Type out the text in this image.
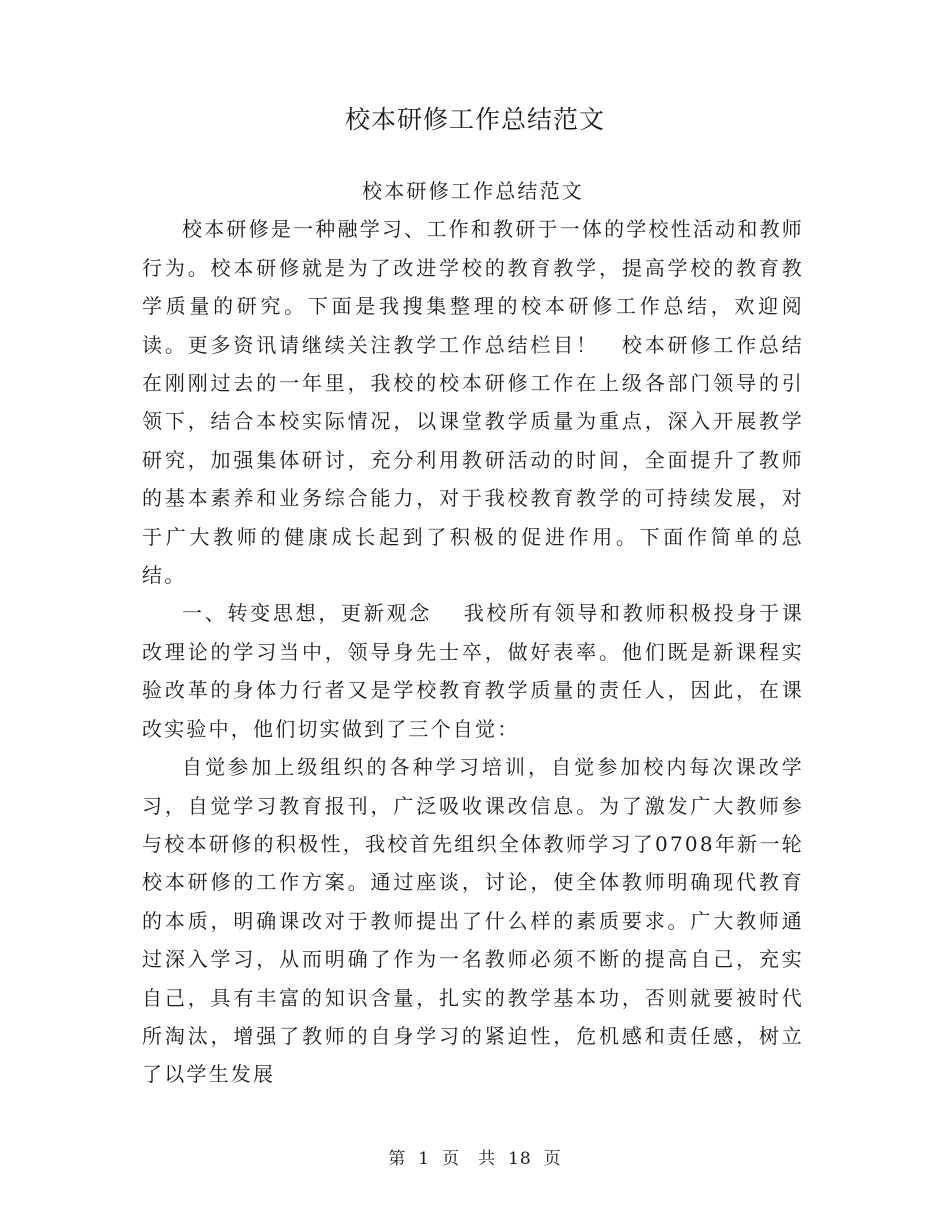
校本研修工作总结范文

校本研修工作总结范文

校本研修是一种融学习、工作和教研于一体的学校性活动和教师行为。校本研修就是为了改进学校的教育教学，提高学校的教育教学质量的研究。下面是我搜集整理的校本研修工作总结，欢迎阅读。更多资讯请继续关注教学工作总结栏目！　校本研修工作总结　 在刚刚过去的一年里，我校的校本研修工作在上级各部门领导的引领下，结合本校实际情况，以课堂教学质量为重点，深入开展教学研究，加强集体研讨，充分利用教研活动的时间，全面提升了教师的基本素养和业务综合能力，对于我校教育教学的可持续发展，对于广大教师的健康成长起到了积极的促进作用。下面作简单的总结。

一、转变思想，更新观念　 我校所有领导和教师积极投身于课改理论的学习当中，领导身先士卒，做好表率。他们既是新课程实验改革的身体力行者又是学校教育教学质量的责任人，因此，在课改实验中，他们切实做到了三个自觉：

自觉参加上级组织的各种学习培训，自觉参加校内每次课改学习，自觉学习教育报刊，广泛吸收课改信息。为了激发广大教师参与校本研修的积极性，我校首先组织全体教师学习了0708年新一轮校本研修的工作方案。通过座谈，讨论，使全体教师明确现代教育的本质，明确课改对于教师提出了什么样的素质要求。广大教师通过深入学习，从而明确了作为一名教师必须不断的提高自己，充实自己，具有丰富的知识含量，扎实的教学基本功，否则就要被时代所淘汰，增强了教师的自身学习的紧迫性，危机感和责任感，树立了以学生发展

第 1 页　共 18 页
